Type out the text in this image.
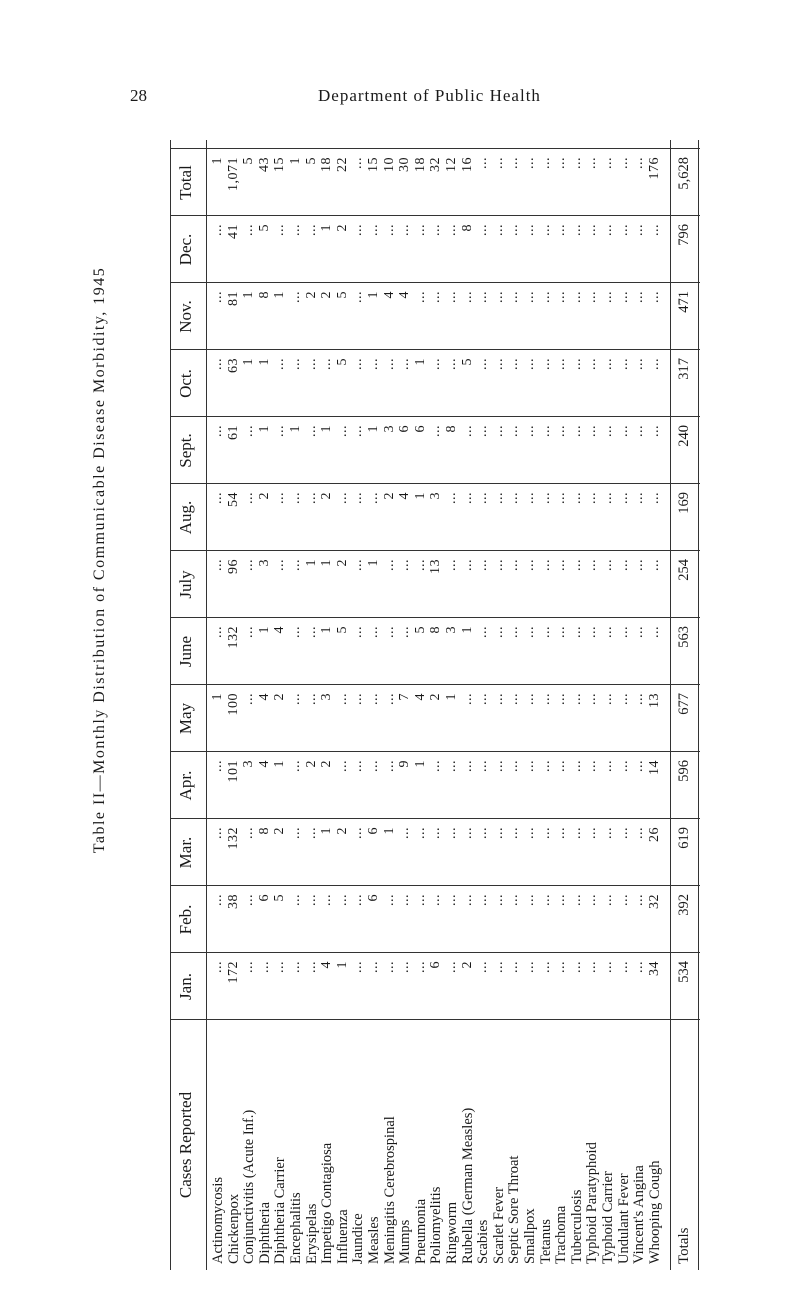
28	Department of Public Health
Table II—Monthly Distribution of Communicable Disease Morbidity, 1945
Cases Reported
Jan.
Feb.
Mar.
Apr.
May
June
July
Aug.
Sept.
Oct.
Nov.
Dec.
Total
Actinomycosis
...
...
...
...
1
...
...
...
...
...
...
...
1
Chickenpox
172
38
132
101
100
132
96
54
61
63
81
41
1,071
Conjunctivitis (Acute Inf.)
...
...
...
3
...
...
...
...
...
1
1
...
5
Diphtheria
...
6
8
4
4
1
3
2
1
1
8
5
43
Diphtheria Carrier
...
5
2
1
2
4
...
...
...
...
1
...
15
Encephalitis
...
...
...
...
...
...
...
...
1
...
...
...
1
Erysipelas
...
...
...
2
...
...
1
...
...
...
2
...
5
Impetigo Contagiosa
4
...
1
2
3
1
1
2
1
...
2
1
18
Influenza
1
...
2
...
...
5
2
...
...
5
5
2
22
Jaundice
...
...
...
...
...
...
...
...
...
...
...
...
...
Measles
...
6
6
...
...
...
1
...
1
...
1
...
15
Meningitis Cerebrospinal
...
...
1
...
...
...
...
2
3
...
4
...
10
Mumps
...
...
...
9
7
...
...
4
6
...
4
...
30
Pneumonia
...
...
...
1
4
5
...
1
6
1
...
...
18
Poliomyelitis
6
...
...
...
2
8
13
3
...
...
...
...
32
Ringworm
...
...
...
...
1
3
...
...
8
...
...
...
12
Rubella (German Measles)
2
...
...
...
...
1
...
...
...
5
...
8
16
Scabies
...
...
...
...
...
...
...
...
...
...
...
...
...
Scarlet Fever
...
...
...
...
...
...
...
...
...
...
...
...
...
Septic Sore Throat
...
...
...
...
...
...
...
...
...
...
...
...
...
Smallpox
...
...
...
...
...
...
...
...
...
...
...
...
...
Tetanus
...
...
...
...
...
...
...
...
...
...
...
...
...
Trachoma
...
...
...
...
...
...
...
...
...
...
...
...
...
Tuberculosis
...
...
...
...
...
...
...
...
...
...
...
...
...
Typhoid Paratyphoid
...
...
...
...
...
...
...
...
...
...
...
...
...
Typhoid Carrier
...
...
...
...
...
...
...
...
...
...
...
...
...
Undulant Fever
...
...
...
...
...
...
...
...
...
...
...
...
...
Vincent's Angina
...
...
...
...
...
...
...
...
...
...
...
...
...
Whooping Cough
34
32
26
14
13
...
...
...
...
...
...
...
176
Totals
534
392
619
596
677
563
254
169
240
317
471
796
5,628
